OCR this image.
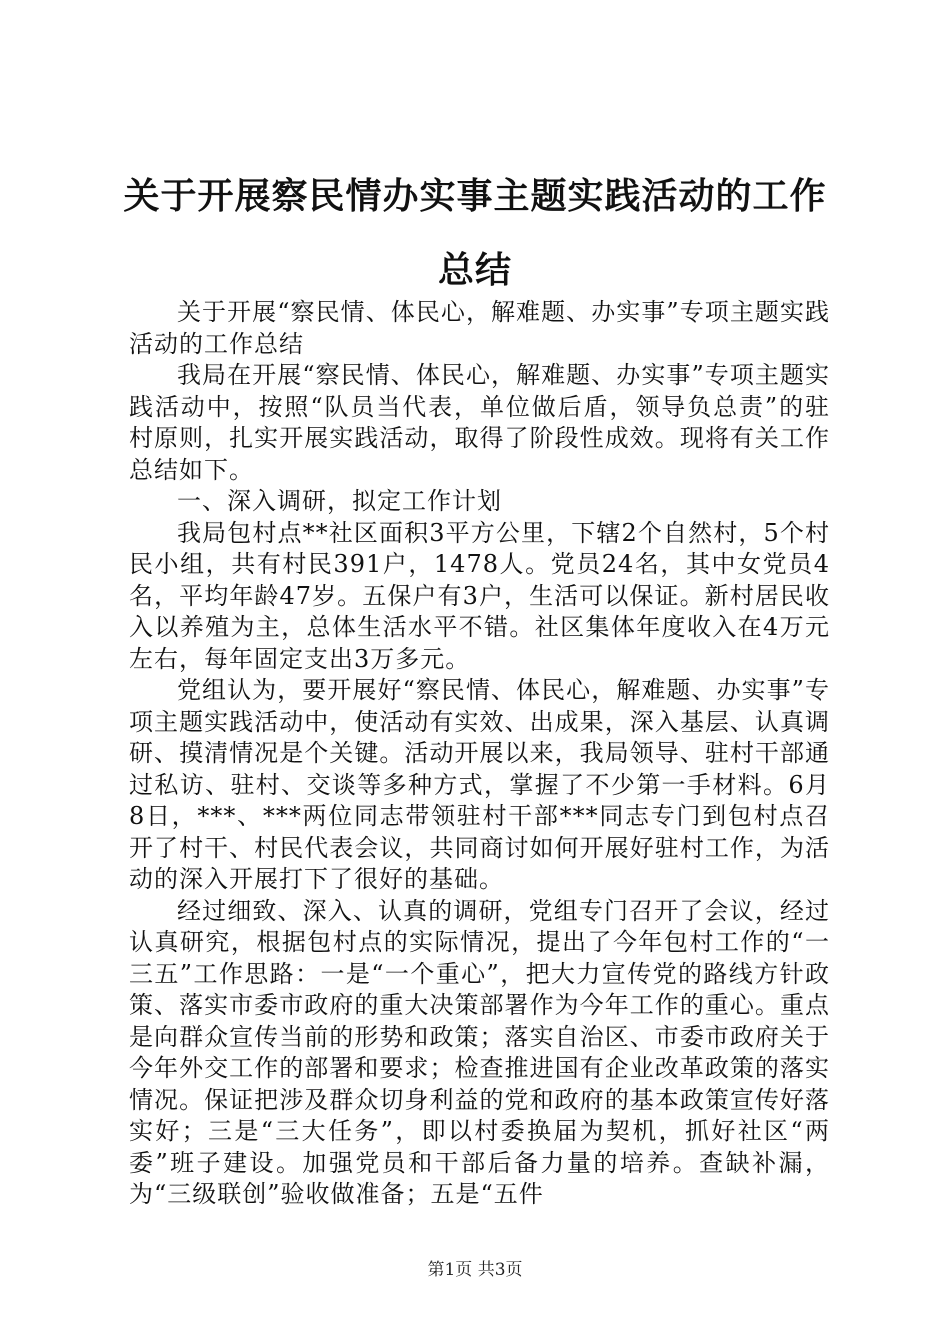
关于开展察民情办实事主题实践活动的工作总结

关于开展“察民情、体民心，解难题、办实事”专项主题实践活动的工作总结

我局在开展“察民情、体民心，解难题、办实事”专项主题实践活动中，按照“队员当代表，单位做后盾，领导负总责”的驻村原则，扎实开展实践活动，取得了阶段性成效。现将有关工作总结如下。

一、深入调研，拟定工作计划

我局包村点**社区面积3平方公里，下辖2个自然村，5个村民小组，共有村民391户，1478人。党员24名，其中女党员4名，平均年龄47岁。五保户有3户，生活可以保证。新村居民收入以养殖为主，总体生活水平不错。社区集体年度收入在4万元左右，每年固定支出3万多元。

党组认为，要开展好“察民情、体民心，解难题、办实事”专项主题实践活动中，使活动有实效、出成果，深入基层、认真调研、摸清情况是个关键。活动开展以来，我局领导、驻村干部通过私访、驻村、交谈等多种方式，掌握了不少第一手材料。6月8日，***、***两位同志带领驻村干部***同志专门到包村点召开了村干、村民代表会议，共同商讨如何开展好驻村工作，为活动的深入开展打下了很好的基础。

经过细致、深入、认真的调研，党组专门召开了会议，经过认真研究，根据包村点的实际情况，提出了今年包村工作的“一三五”工作思路：一是“一个重心”，把大力宣传党的路线方针政策、落实市委市政府的重大决策部署作为今年工作的重心。重点是向群众宣传当前的形势和政策；落实自治区、市委市政府关于今年外交工作的部署和要求；检查推进国有企业改革政策的落实情况。保证把涉及群众切身利益的党和政府的基本政策宣传好落实好；三是“三大任务”，即以村委换届为契机，抓好社区“两委”班子建设。加强党员和干部后备力量的培养。查缺补漏，为“三级联创”验收做准备；五是“五件

第1页 共3页
